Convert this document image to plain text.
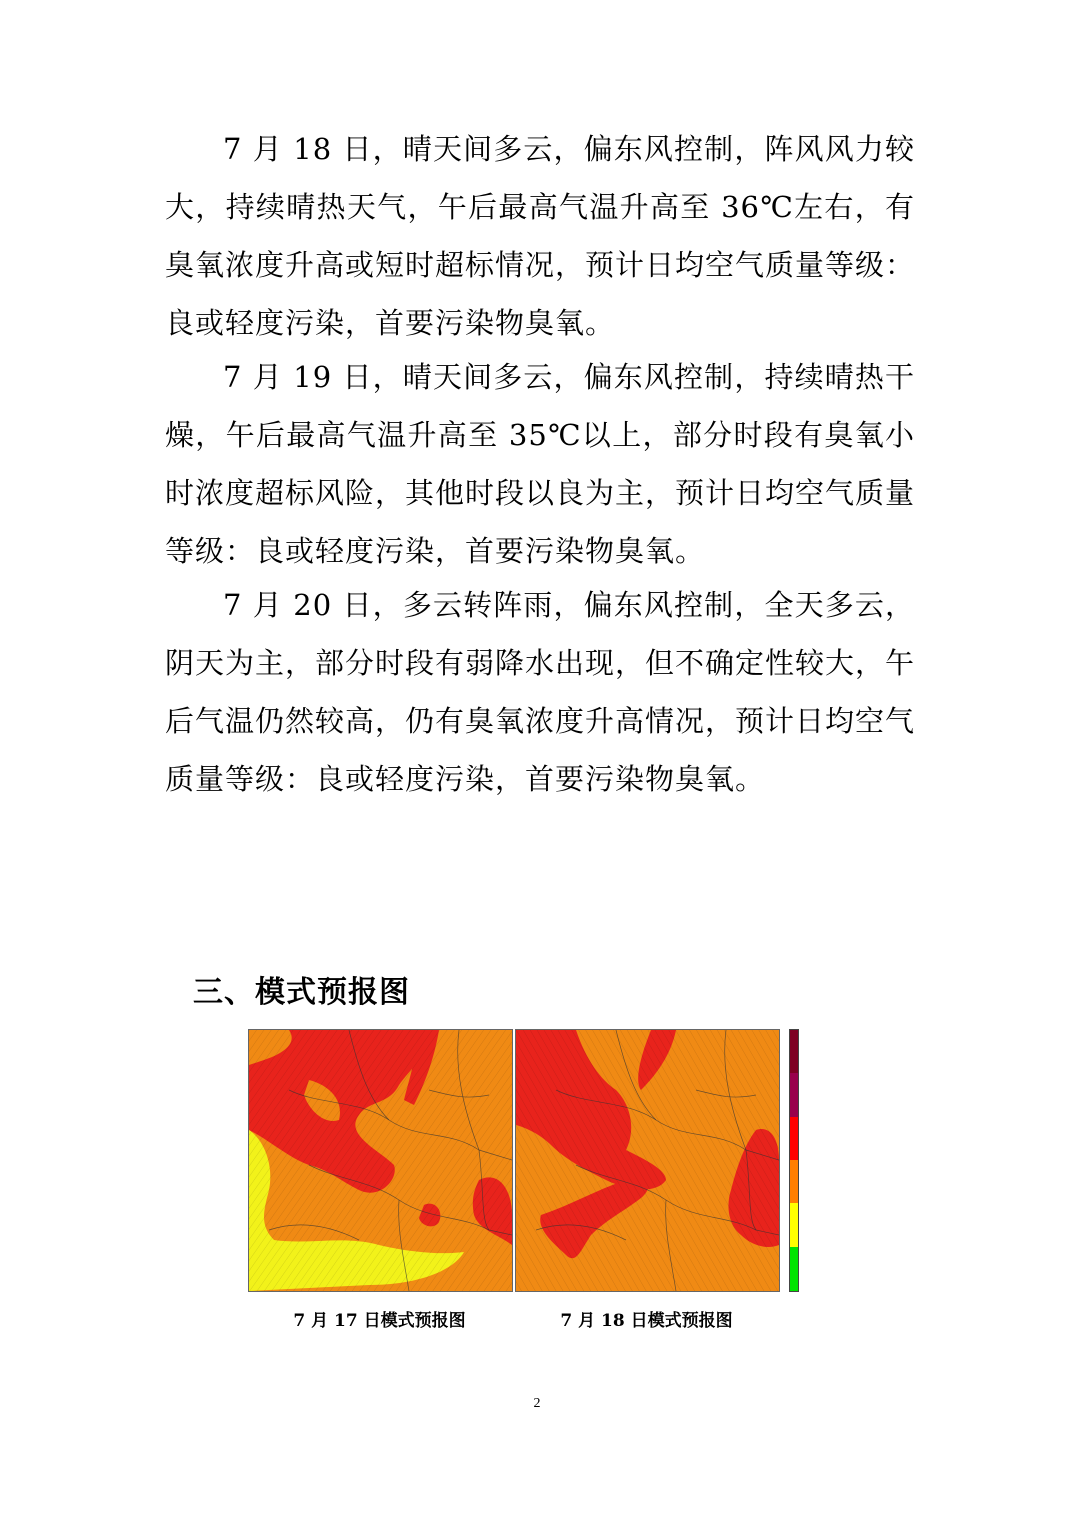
7 月 18 日，晴天间多云，偏东风控制，阵风风力较大，持续晴热天气，午后最高气温升高至 36℃左右，有臭氧浓度升高或短时超标情况，预计日均空气质量等级：良或轻度污染，首要污染物臭氧。

7 月 19 日，晴天间多云，偏东风控制，持续晴热干燥，午后最高气温升高至 35℃以上，部分时段有臭氧小时浓度超标风险，其他时段以良为主，预计日均空气质量等级：良或轻度污染，首要污染物臭氧。

7 月 20 日，多云转阵雨，偏东风控制，全天多云，阴天为主，部分时段有弱降水出现，但不确定性较大，午后气温仍然较高，仍有臭氧浓度升高情况，预计日均空气质量等级：良或轻度污染，首要污染物臭氧。

三、模式预报图
7 月 17 日模式预报图	7 月 18 日模式预报图
2
